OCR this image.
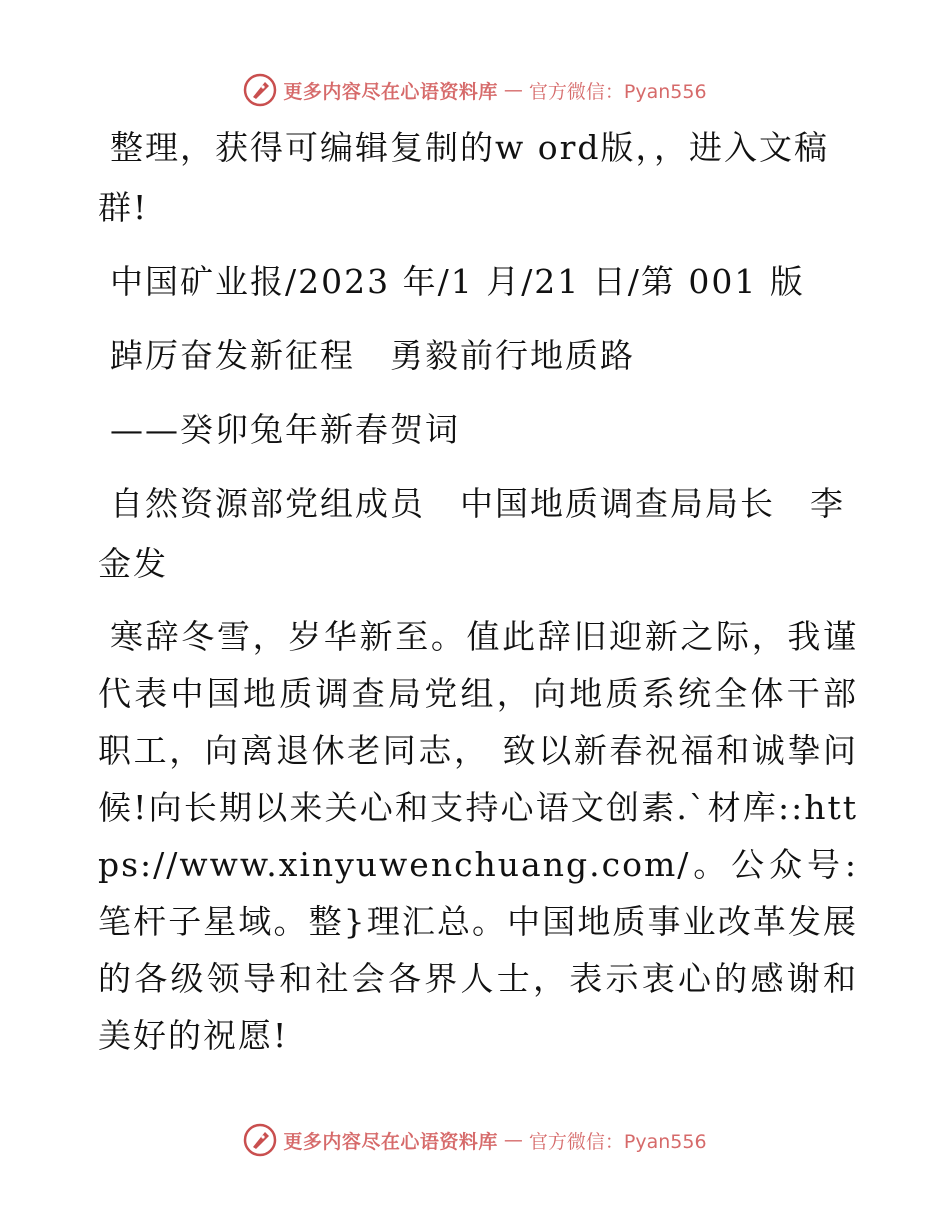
更多内容尽在心语资料库 — 官方微信：Pyan556

整理，获得可编辑复制的w ord版，，进入文稿群!

中国矿业报/2023 年/1 月/21 日/第 001 版

踔厉奋发新征程　勇毅前行地质路

——癸卯兔年新春贺词

自然资源部党组成员　中国地质调查局局长　李金发

寒辞冬雪，岁华新至。值此辞旧迎新之际，我谨代表中国地质调查局党组，向地质系统全体干部职工，向离退休老同志， 致以新春祝福和诚挚问候!向长期以来关心和支持心语文创素.`材库::https://www.xinyuwenchuang.com/。公众号: 笔杆子星域。整}理汇总。中国地质事业改革发展的各级领导和社会各界人士，表示衷心的感谢和美好的祝愿!

更多内容尽在心语资料库 — 官方微信：Pyan556
